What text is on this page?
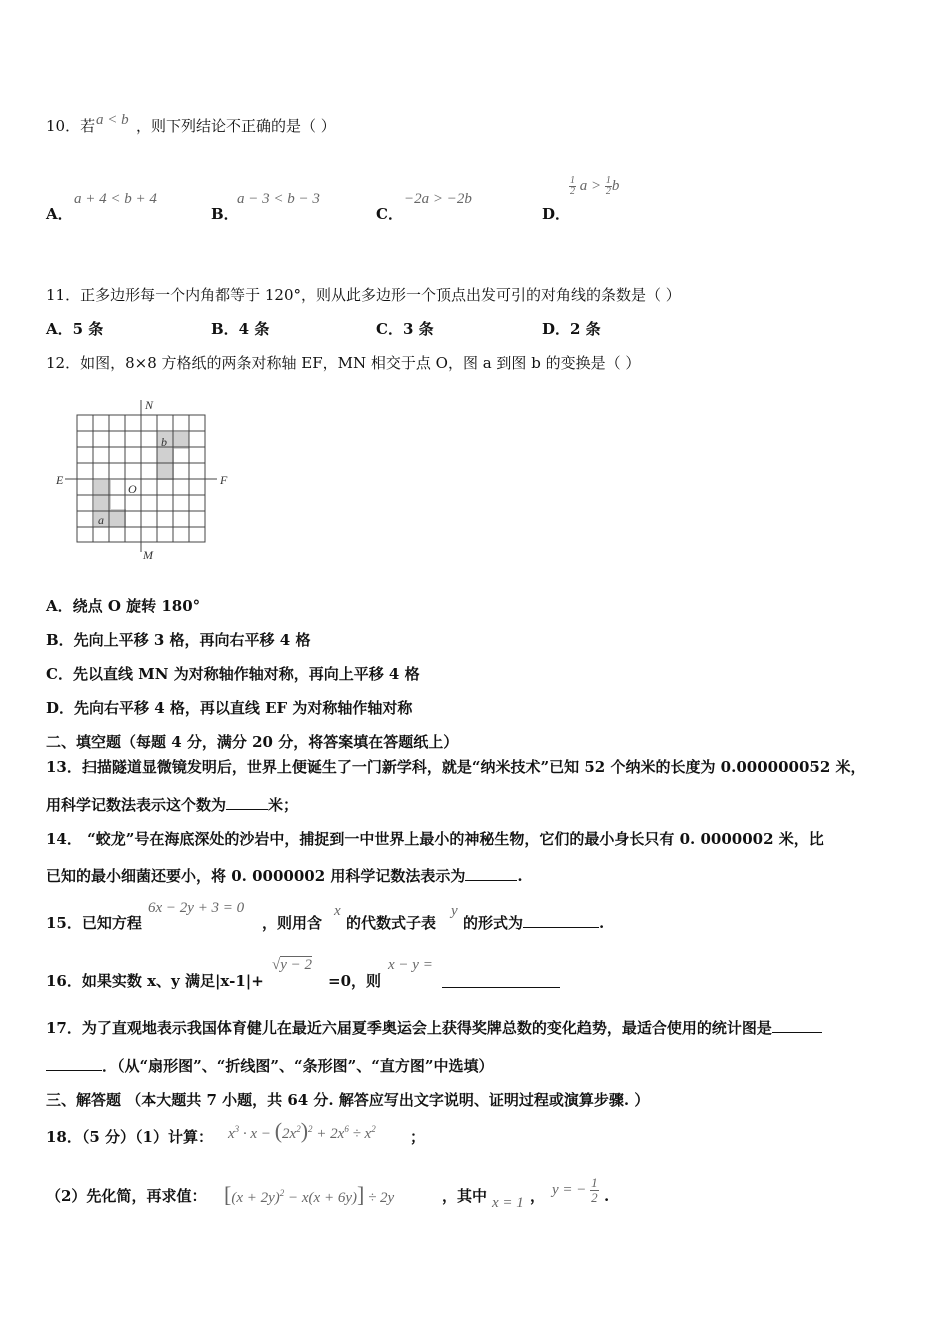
10．若 a < b ，则下列结论不正确的是（ ）
A．
a + 4 < b + 4
B．
a − 3 < b − 3
C．
−2a > −2b
D．
$\frac{1}{2}$ $a > \frac{1}{2}$ b
11．正多边形每一个内角都等于 120°，则从此多边形一个顶点出发可引的对角线的条数是（ ）
A．5 条	B．4 条	C．3 条	D．2 条
12．如图，8×8 方格纸的两条对称轴 EF，MN 相交于点 O，图 a 到图 b 的变换是（ ）
N
M
E	F
O
a
b
A．绕点 O 旋转 180°
B．先向上平移 3 格，再向右平移 4 格
C．先以直线 MN 为对称轴作轴对称，再向上平移 4 格
D．先向右平移 4 格，再以直线 EF 为对称轴作轴对称
二、填空题（每题 4 分，满分 20 分，将答案填在答题纸上）
13．扫描隧道显微镜发明后，世界上便诞生了一门新学科，就是“纳米技术”已知 52 个纳米的长度为 0.000000052 米，
用科学记数法表示这个数为	米；
14． “蛟龙”号在海底深处的沙岩中，捕捉到一中世界上最小的神秘生物，它们的最小身长只有 0. 0000002 米，比
已知的最小细菌还要小，将 0. 0000002 用科学记数法表示为	.
15．已知方程
6x − 2y + 3 = 0
，则用含
x
的代数式子表
y
的形式为	.
16．如果实数 x、y 满足|x-1|+
√y − 2
=0，则
x − y =
17．为了直观地表示我国体育健儿在最近六届夏季奥运会上获得奖牌总数的变化趋势，最适合使用的统计图是
．（从“扇形图”、“折线图”、“条形图”、“直方图”中选填）
三、解答题 （本大题共 7 小题，共 64 分. 解答应写出文字说明、证明过程或演算步骤. ）
18．（5 分）（1）计算： $x^3 \cdot x - (2x^2)^2 + 2x^6 \div x^2$ ；
（2）先化简，再求值： $[(x + 2y)^2 - x(x + 6y)] \div 2y$	，其中 x = 1 ， y = − $\frac{1}{2}$ .
